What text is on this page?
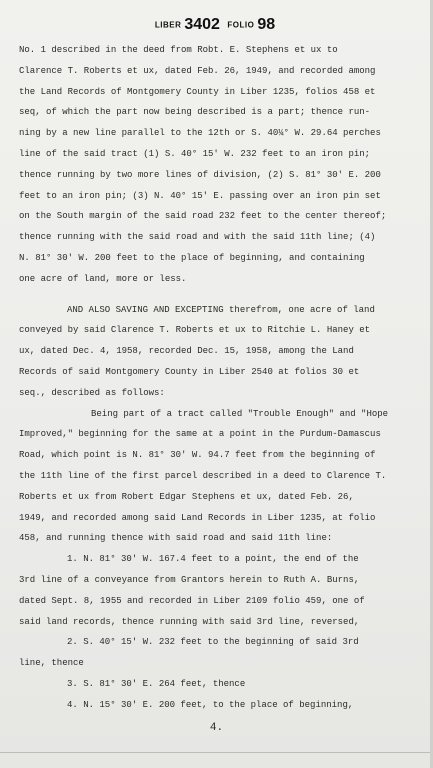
LIBER 3402 FOLIO 98
No. 1 described in the deed from Robt. E. Stephens et ux to
Clarence T. Roberts et ux, dated Feb. 26, 1949, and recorded among
the Land Records of Montgomery County in Liber 1235, folios 458 et
seq, of which the part now being described is a part; thence run-
ning by a new line parallel to the 12th or S. 40¼° W. 29.64 perches
line of the said tract (1) S. 40° 15' W. 232 feet to an iron pin;
thence running by two more lines of division, (2) S. 81° 30' E. 200
feet to an iron pin; (3) N. 40° 15' E. passing over an iron pin set
on the South margin of the said road 232 feet to the center thereof;
thence running with the said road and with the said 11th line; (4)
N. 81° 30' W. 200 feet to the place of beginning, and containing
one acre of land, more or less.
AND ALSO SAVING AND EXCEPTING therefrom, one acre of land
conveyed by said Clarence T. Roberts et ux to Ritchie L. Haney et
ux, dated Dec. 4, 1958, recorded Dec. 15, 1958, among the Land
Records of said Montgomery County in Liber 2540 at folios 30 et
seq., described as follows:
Being part of a tract called "Trouble Enough" and "Hope
Improved," beginning for the same at a point in the Purdum-Damascus
Road, which point is N. 81° 30' W. 94.7 feet from the beginning of
the 11th line of the first parcel described in a deed to Clarence T.
Roberts et ux from Robert Edgar Stephens et ux, dated Feb. 26,
1949, and recorded among said Land Records in Liber 1235, at folio
458, and running thence with said road and said 11th line:
1. N. 81° 30' W. 167.4 feet to a point, the end of the
3rd line of a conveyance from Grantors herein to Ruth A. Burns,
dated Sept. 8, 1955 and recorded in Liber 2109 folio 459, one of
said land records, thence running with said 3rd line, reversed,
2. S. 40° 15' W. 232 feet to the beginning of said 3rd
line, thence
3. S. 81° 30' E. 264 feet, thence
4. N. 15° 30' E. 200 feet, to the place of beginning,
4.
